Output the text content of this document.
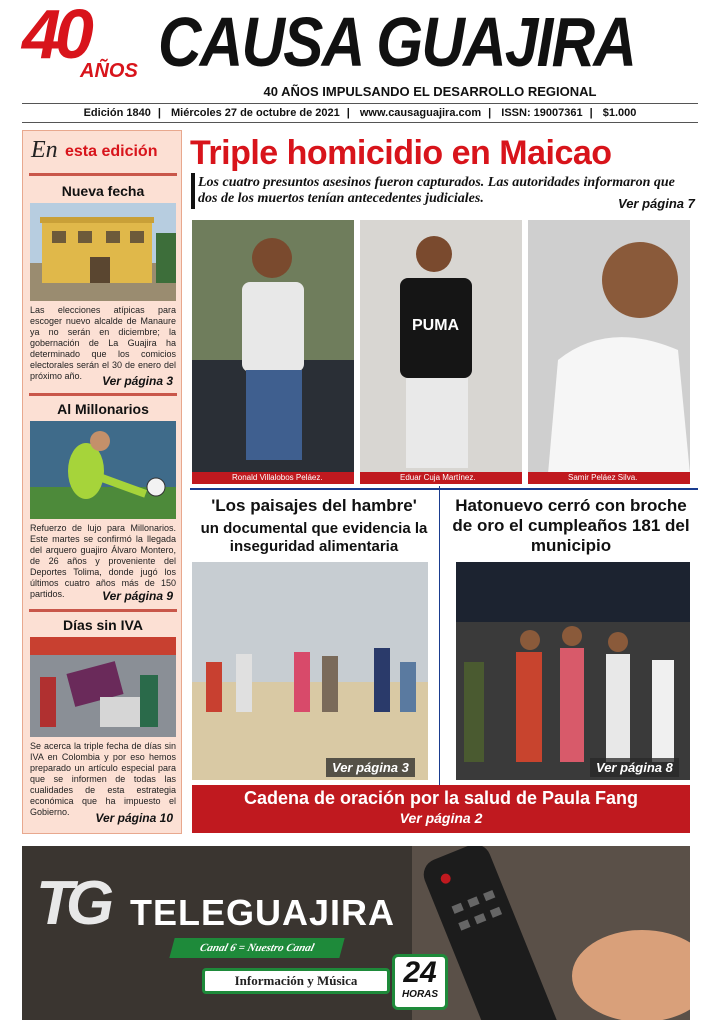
40
AÑOS CAUSA GUAJIRA
40 AÑOS IMPULSANDO EL DESARROLLO REGIONAL
Edición 1840 | Miércoles 27 de octubre de 2021 | www.causaguajira.com | ISSN: 19007361 | $1.000
En esta edición
Nueva fecha
Las elecciones atípicas para escoger nuevo alcalde de Manaure ya no serán en diciembre; la gobernación de La Guajira ha determinado que los comicios electorales serán el 30 de enero del próximo año.	Ver página 3
Al Millonarios
Refuerzo de lujo para Millonarios. Este martes se confirmó la llegada del arquero guajiro Álvaro Montero, de 26 años y proveniente del Deportes Tolima, donde jugó los últimos cuatro años más de 150 partidos.	Ver página 9
Días sin IVA
Se acerca la triple fecha de días sin IVA en Colombia y por eso hemos preparado un artículo especial para que se informen de todas las cualidades de esta estrategia económica que ha impuesto el Gobierno.	Ver página 10
Triple homicidio en Maicao
Los cuatro presuntos asesinos fueron capturados. Las autoridades informaron que dos de los muertos tenían antecedentes judiciales.	Ver página 7
Ronald Villalobos Peláez.
PUMA
Eduar Cuja Martínez.	Samir Peláez Silva.
'Los paisajes del hambre'
un documental que evidencia la inseguridad alimentaria
Ver página 3
Hatonuevo cerró con broche de oro el cumpleaños 181 del municipio
Ver página 8
Cadena de oración por la salud de Paula Fang
Ver página 2
TG TELEGUAJIRA
Canal 6 = Nuestro Canal
Información y Música	24
HORAS
